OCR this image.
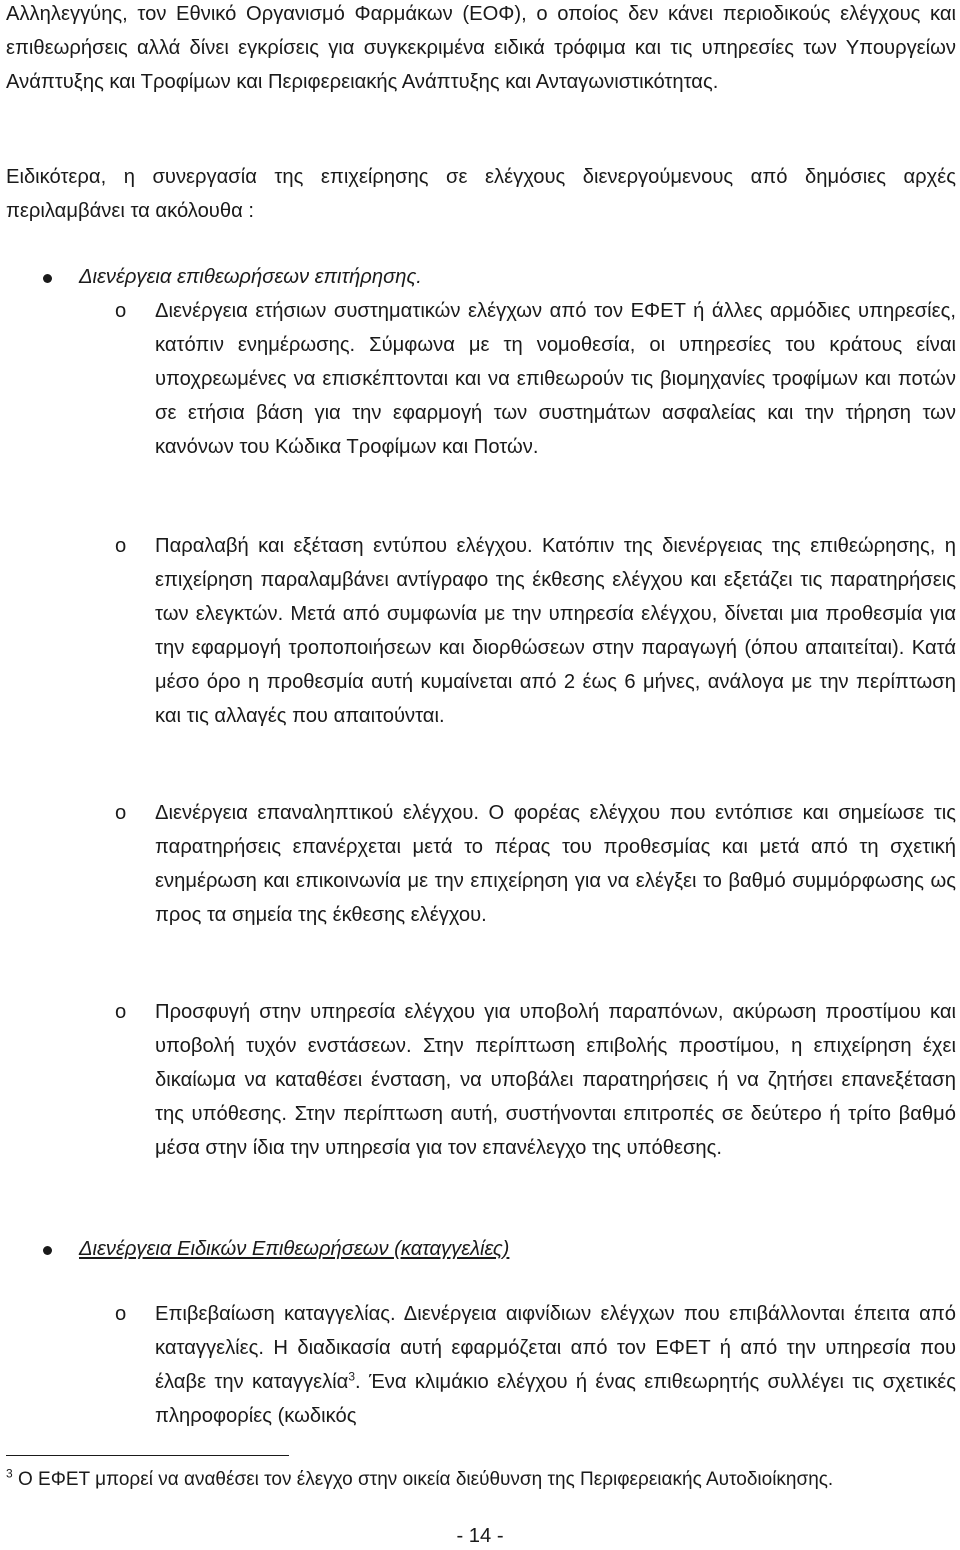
Αλληλεγγύης, τον Εθνικό Οργανισμό Φαρμάκων (ΕΟΦ), ο οποίος δεν κάνει περιοδικούς ελέγχους και επιθεωρήσεις αλλά δίνει εγκρίσεις για συγκεκριμένα ειδικά τρόφιμα και τις υπηρεσίες των Υπουργείων Ανάπτυξης και Τροφίμων και Περιφερειακής Ανάπτυξης και Ανταγωνιστικότητας.

Ειδικότερα, η συνεργασία της επιχείρησης σε ελέγχους διενεργούμενους από δημόσιες αρχές περιλαμβάνει τα ακόλουθα :

Διενέργεια επιθεωρήσεων επιτήρησης.
o Διενέργεια ετήσιων συστηματικών ελέγχων από τον ΕΦΕΤ ή άλλες αρμόδιες υπηρεσίες, κατόπιν ενημέρωσης. Σύμφωνα με τη νομοθεσία, οι υπηρεσίες του κράτους είναι υποχρεωμένες να επισκέπτονται και να επιθεωρούν τις βιομηχανίες τροφίμων και ποτών σε ετήσια βάση για την εφαρμογή των συστημάτων ασφαλείας και την τήρηση των κανόνων του Κώδικα Τροφίμων και Ποτών.

o Παραλαβή και εξέταση εντύπου ελέγχου. Κατόπιν της διενέργειας της επιθεώρησης, η επιχείρηση παραλαμβάνει αντίγραφο της έκθεσης ελέγχου και εξετάζει τις παρατηρήσεις των ελεγκτών. Μετά από συμφωνία με την υπηρεσία ελέγχου, δίνεται μια προθεσμία για την εφαρμογή τροποποιήσεων και διορθώσεων στην παραγωγή (όπου απαιτείται). Κατά μέσο όρο η προθεσμία αυτή κυμαίνεται από 2 έως 6 μήνες, ανάλογα με την περίπτωση και τις αλλαγές που απαιτούνται.

o Διενέργεια επαναληπτικού ελέγχου. Ο φορέας ελέγχου που εντόπισε και σημείωσε τις παρατηρήσεις επανέρχεται μετά το πέρας του προθεσμίας και μετά από τη σχετική ενημέρωση και επικοινωνία με την επιχείρηση για να ελέγξει το βαθμό συμμόρφωσης ως προς τα σημεία της έκθεσης ελέγχου.

o Προσφυγή στην υπηρεσία ελέγχου για υποβολή παραπόνων, ακύρωση προστίμου και υποβολή τυχόν ενστάσεων. Στην περίπτωση επιβολής προστίμου, η επιχείρηση έχει δικαίωμα να καταθέσει ένσταση, να υποβάλει παρατηρήσεις ή να ζητήσει επανεξέταση της υπόθεσης. Στην περίπτωση αυτή, συστήνονται επιτροπές σε δεύτερο ή τρίτο βαθμό μέσα στην ίδια την υπηρεσία για τον επανέλεγχο της υπόθεσης.

Διενέργεια Ειδικών Επιθεωρήσεων (καταγγελίες)
o Επιβεβαίωση καταγγελίας. Διενέργεια αιφνίδιων ελέγχων που επιβάλλονται έπειτα από καταγγελίες. Η διαδικασία αυτή εφαρμόζεται από τον ΕΦΕΤ ή από την υπηρεσία που έλαβε την καταγγελία$^3$. Ένα κλιμάκιο ελέγχου ή ένας επιθεωρητής συλλέγει τις σχετικές πληροφορίες (κωδικός

$^3$ Ο ΕΦΕΤ μπορεί να αναθέσει τον έλεγχο στην οικεία διεύθυνση της Περιφερειακής Αυτοδιοίκησης.
- 14 -
